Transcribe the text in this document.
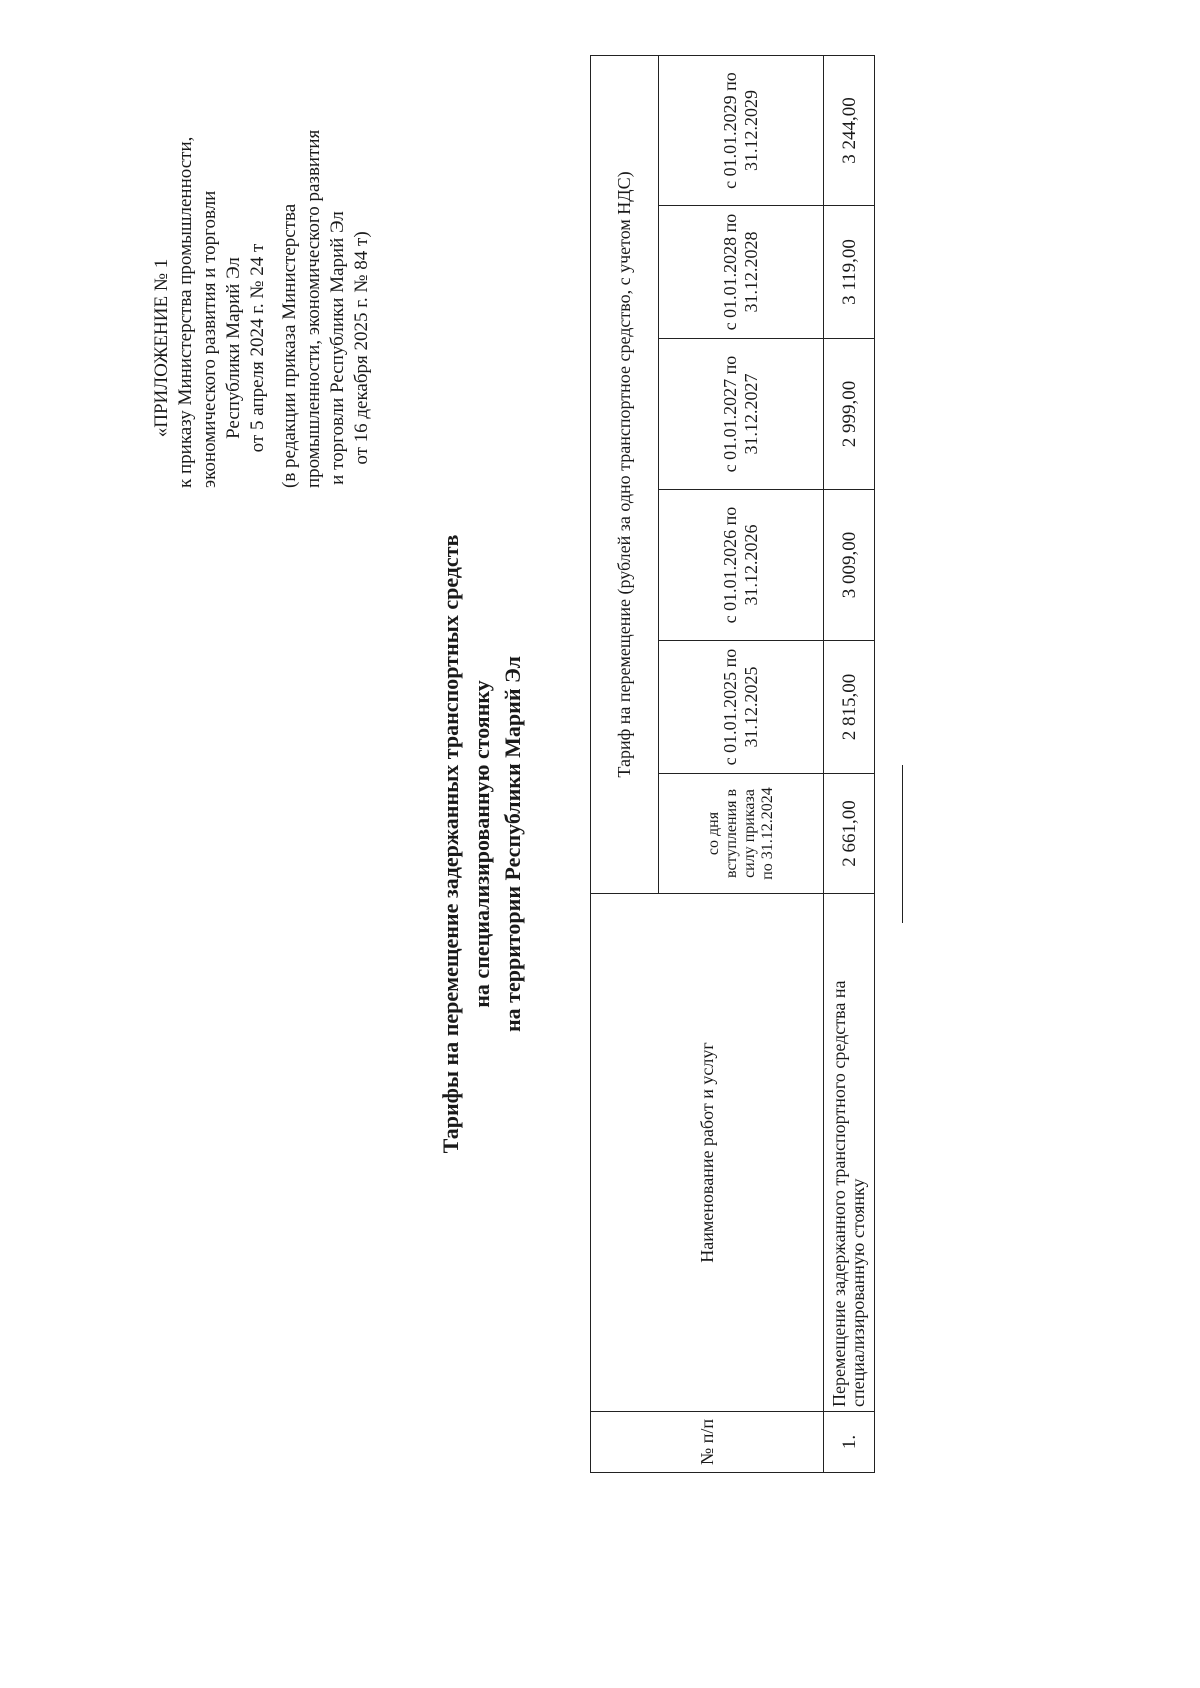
«ПРИЛОЖЕНИЕ № 1 к приказу Министерства промышленности, экономического развития и торговли Республики Марий Эл от 5 апреля 2024 г. № 24 т (в редакции приказа Министерства промышленности, экономического развития и торговли Республики Марий Эл от 16 декабря 2025 г. № 84 т)
Тарифы на перемещение задержанных транспортных средств на специализированную стоянку на территории Республики Марий Эл
№ п/п	Наименование работ и услуг	Тариф на перемещение (рублей за одно транспортное средство, с учетом НДС)					
		со дня вступления в силу приказа по 31.12.2024	с 01.01.2025 по 31.12.2025	с 01.01.2026 по 31.12.2026	с 01.01.2027 по 31.12.2027	с 01.01.2028 по 31.12.2028	с 01.01.2029 по 31.12.2029
1.	Перемещение задержанного транспортного средства на специализированную стоянку	2 661,00	2 815,00	3 009,00	2 999,00	3 119,00	3 244,00
